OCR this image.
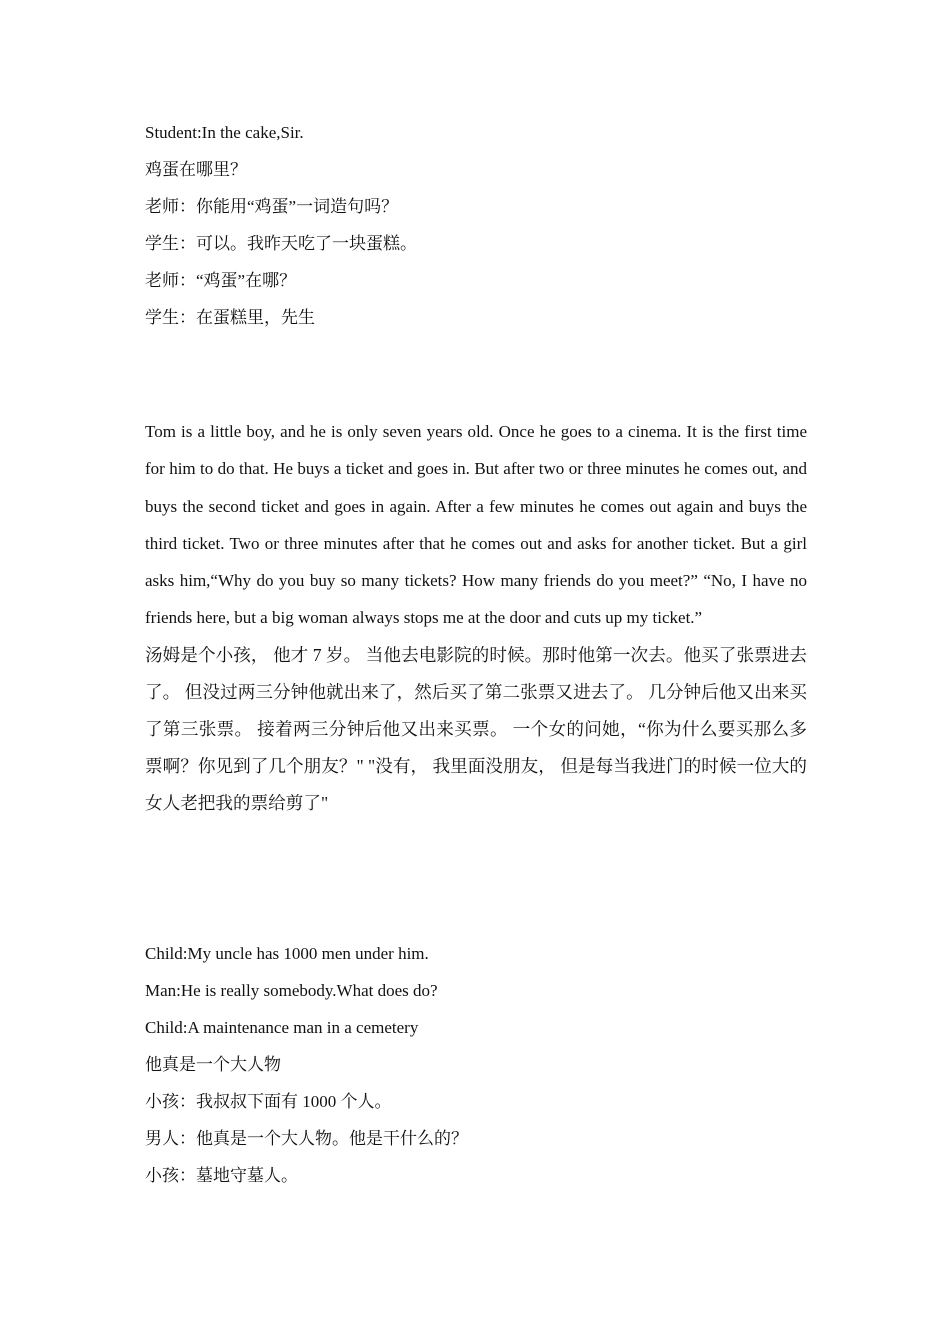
Student:In the cake,Sir.
鸡蛋在哪里？
老师：你能用“鸡蛋”一词造句吗？
学生：可以。我昨天吃了一块蛋糕。
老师：“鸡蛋”在哪？
学生：在蛋糕里，先生

Tom is a little boy, and he is only seven years old. Once he goes to a cinema. It is the first time for him to do that. He buys a ticket and goes in. But after two or three minutes he comes out, and buys the second ticket and goes in again. After a few minutes he comes out again and buys the third ticket. Two or three minutes after that he comes out and asks for another ticket. But a girl asks him,“Why do you buy so many tickets? How many friends do you meet?” “No, I have no friends here, but a big woman always stops me at the door and cuts up my ticket.”

汤姆是个小孩， 他才 7 岁。 当他去电影院的时候。那时他第一次去。他买了张票进去了。 但没过两三分钟他就出来了，然后买了第二张票又进去了。 几分钟后他又出来买了第三张票。 接着两三分钟后他又出来买票。 一个女的问她，“你为什么要买那么多票啊？你见到了几个朋友？" "没有， 我里面没朋友， 但是每当我进门的时候一位大的女人老把我的票给剪了"

Child:My uncle has 1000 men under him.
Man:He is really somebody.What does do?
Child:A maintenance man in a cemetery
他真是一个大人物
小孩：我叔叔下面有 1000 个人。
男人：他真是一个大人物。他是干什么的？
小孩：墓地守墓人。
